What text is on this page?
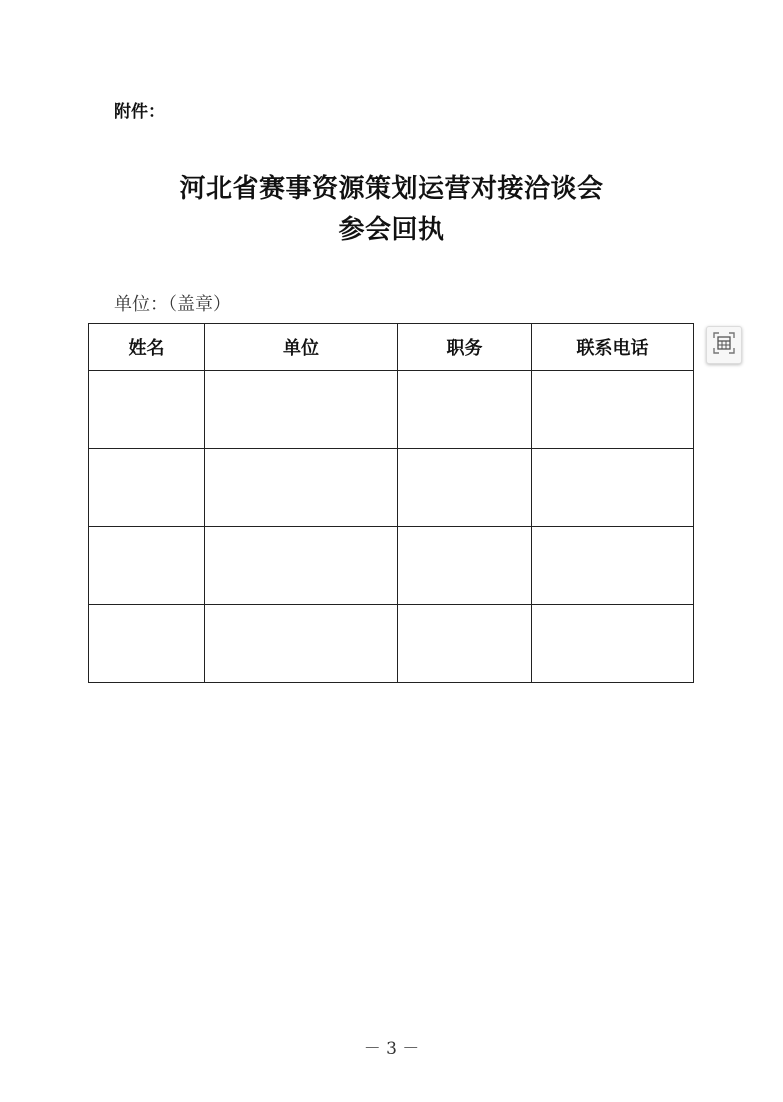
附件：
河北省赛事资源策划运营对接洽谈会
参会回执
单位：（盖章）
姓名	单位	职务	联系电话

－ 3 －
